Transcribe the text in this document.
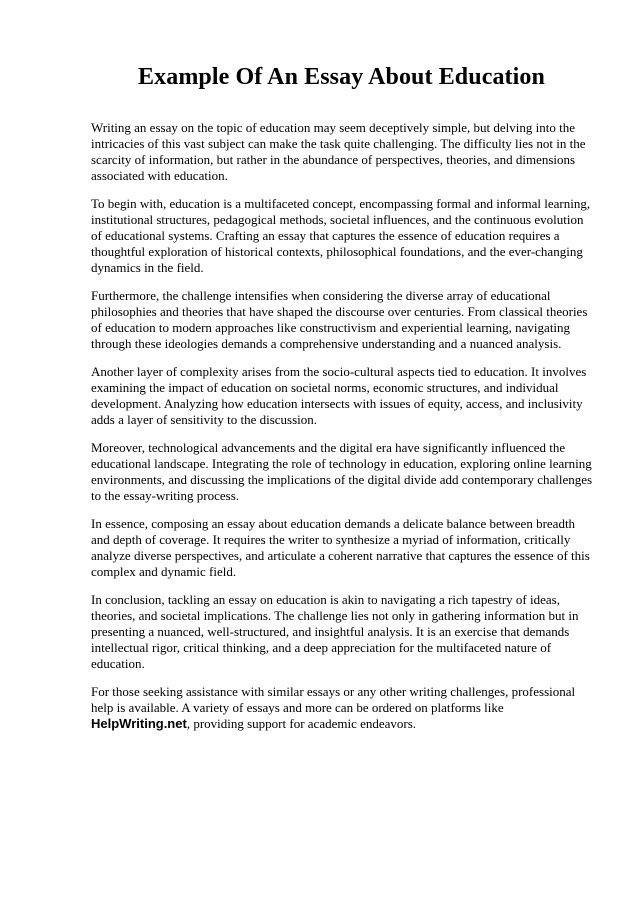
Example Of An Essay About Education

Writing an essay on the topic of education may seem deceptively simple, but delving into the intricacies of this vast subject can make the task quite challenging. The difficulty lies not in the scarcity of information, but rather in the abundance of perspectives, theories, and dimensions associated with education.

To begin with, education is a multifaceted concept, encompassing formal and informal learning, institutional structures, pedagogical methods, societal influences, and the continuous evolution of educational systems. Crafting an essay that captures the essence of education requires a thoughtful exploration of historical contexts, philosophical foundations, and the ever-changing dynamics in the field.

Furthermore, the challenge intensifies when considering the diverse array of educational philosophies and theories that have shaped the discourse over centuries. From classical theories of education to modern approaches like constructivism and experiential learning, navigating through these ideologies demands a comprehensive understanding and a nuanced analysis.

Another layer of complexity arises from the socio-cultural aspects tied to education. It involves examining the impact of education on societal norms, economic structures, and individual development. Analyzing how education intersects with issues of equity, access, and inclusivity adds a layer of sensitivity to the discussion.

Moreover, technological advancements and the digital era have significantly influenced the educational landscape. Integrating the role of technology in education, exploring online learning environments, and discussing the implications of the digital divide add contemporary challenges to the essay-writing process.

In essence, composing an essay about education demands a delicate balance between breadth and depth of coverage. It requires the writer to synthesize a myriad of information, critically analyze diverse perspectives, and articulate a coherent narrative that captures the essence of this complex and dynamic field.

In conclusion, tackling an essay on education is akin to navigating a rich tapestry of ideas, theories, and societal implications. The challenge lies not only in gathering information but in presenting a nuanced, well-structured, and insightful analysis. It is an exercise that demands intellectual rigor, critical thinking, and a deep appreciation for the multifaceted nature of education.

For those seeking assistance with similar essays or any other writing challenges, professional help is available. A variety of essays and more can be ordered on platforms like HelpWriting.net, providing support for academic endeavors.
